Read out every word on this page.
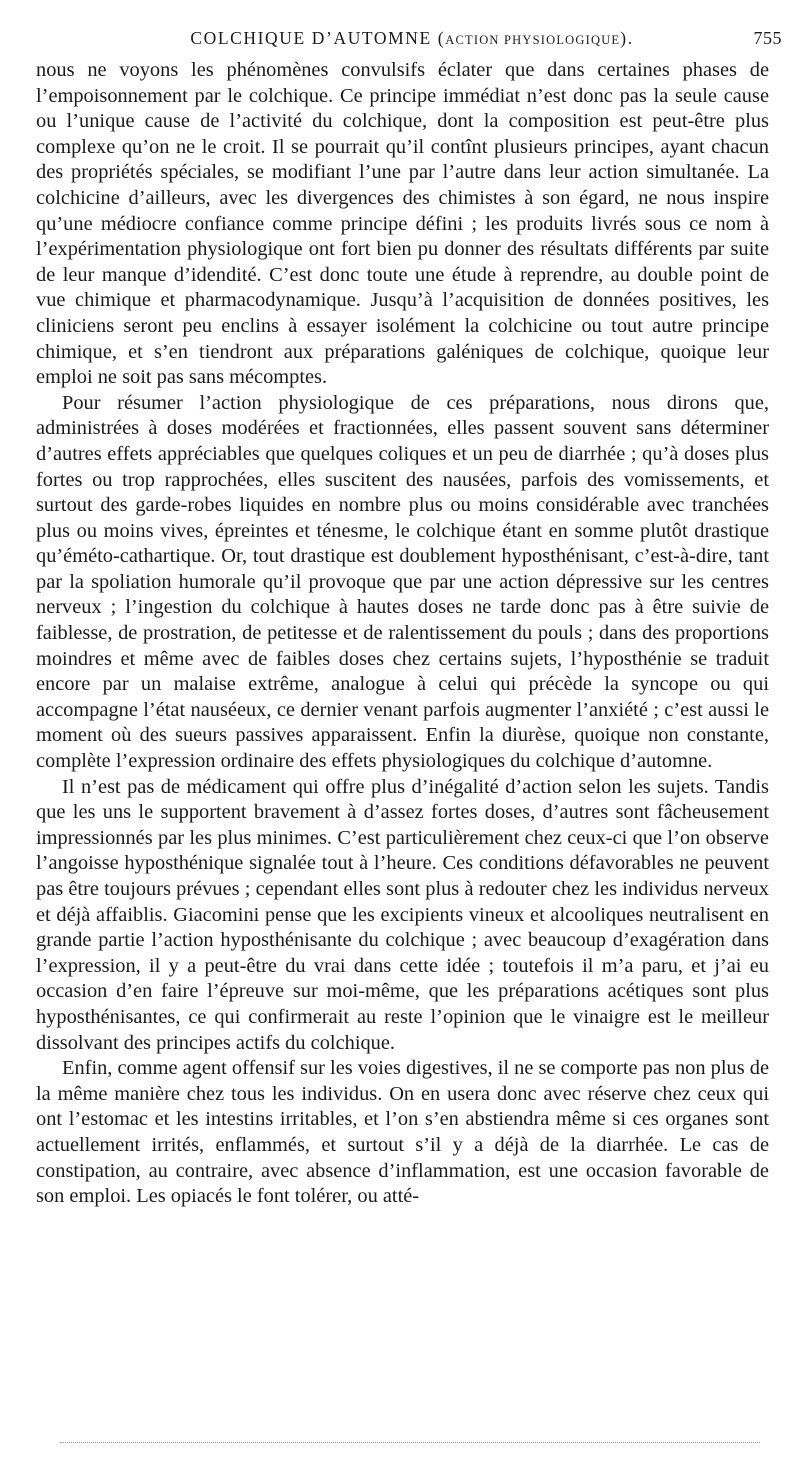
COLCHIQUE D’AUTOMNE (ACTION PHYSIOLOGIQUE).	755

nous ne voyons les phénomènes convulsifs éclater que dans certaines phases de l’empoisonnement par le colchique. Ce principe immédiat n’est donc pas la seule cause ou l’unique cause de l’activité du colchique, dont la composition est peut-être plus complexe qu’on ne le croit. Il se pourrait qu’il contînt plusieurs principes, ayant chacun des propriétés spéciales, se modifiant l’une par l’autre dans leur action simultanée. La colchicine d’ailleurs, avec les divergences des chimistes à son égard, ne nous inspire qu’une médiocre confiance comme principe défini ; les produits livrés sous ce nom à l’expérimentation physiologique ont fort bien pu donner des résultats différents par suite de leur manque d’idendité. C’est donc toute une étude à reprendre, au double point de vue chimique et pharmacodynamique. Jusqu’à l’acquisition de données positives, les cliniciens seront peu enclins à essayer isolément la colchicine ou tout autre principe chimique, et s’en tiendront aux préparations galéniques de colchique, quoique leur emploi ne soit pas sans mécomptes.

Pour résumer l’action physiologique de ces préparations, nous dirons que, administrées à doses modérées et fractionnées, elles passent souvent sans déterminer d’autres effets appréciables que quelques coliques et un peu de diarrhée ; qu’à doses plus fortes ou trop rapprochées, elles suscitent des nausées, parfois des vomissements, et surtout des garde-robes liquides en nombre plus ou moins considérable avec tranchées plus ou moins vives, épreintes et ténesme, le colchique étant en somme plutôt drastique qu’éméto-cathartique. Or, tout drastique est doublement hyposthénisant, c’est-à-dire, tant par la spoliation humorale qu’il provoque que par une action dépressive sur les centres nerveux ; l’ingestion du colchique à hautes doses ne tarde donc pas à être suivie de faiblesse, de prostration, de petitesse et de ralentissement du pouls ; dans des proportions moindres et même avec de faibles doses chez certains sujets, l’hyposthénie se traduit encore par un malaise extrême, analogue à celui qui précède la syncope ou qui accompagne l’état nauséeux, ce dernier venant parfois augmenter l’anxiété ; c’est aussi le moment où des sueurs passives apparaissent. Enfin la diurèse, quoique non constante, complète l’expression ordinaire des effets physiologiques du colchique d’automne.

Il n’est pas de médicament qui offre plus d’inégalité d’action selon les sujets. Tandis que les uns le supportent bravement à d’assez fortes doses, d’autres sont fâcheusement impressionnés par les plus minimes. C’est particulièrement chez ceux-ci que l’on observe l’angoisse hyposthénique signalée tout à l’heure. Ces conditions défavorables ne peuvent pas être toujours prévues ; cependant elles sont plus à redouter chez les individus nerveux et déjà affaiblis. Giacomini pense que les excipients vineux et alcooliques neutralisent en grande partie l’action hyposthénisante du colchique ; avec beaucoup d’exagération dans l’expression, il y a peut-être du vrai dans cette idée ; toutefois il m’a paru, et j’ai eu occasion d’en faire l’épreuve sur moi-même, que les préparations acétiques sont plus hyposthénisantes, ce qui confirmerait au reste l’opinion que le vinaigre est le meilleur dissolvant des principes actifs du colchique.

Enfin, comme agent offensif sur les voies digestives, il ne se comporte pas non plus de la même manière chez tous les individus. On en usera donc avec réserve chez ceux qui ont l’estomac et les intestins irritables, et l’on s’en abstiendra même si ces organes sont actuellement irrités, enflammés, et surtout s’il y a déjà de la diarrhée. Le cas de constipation, au contraire, avec absence d’inflammation, est une occasion favorable de son emploi. Les opiacés le font tolérer, ou atté-
